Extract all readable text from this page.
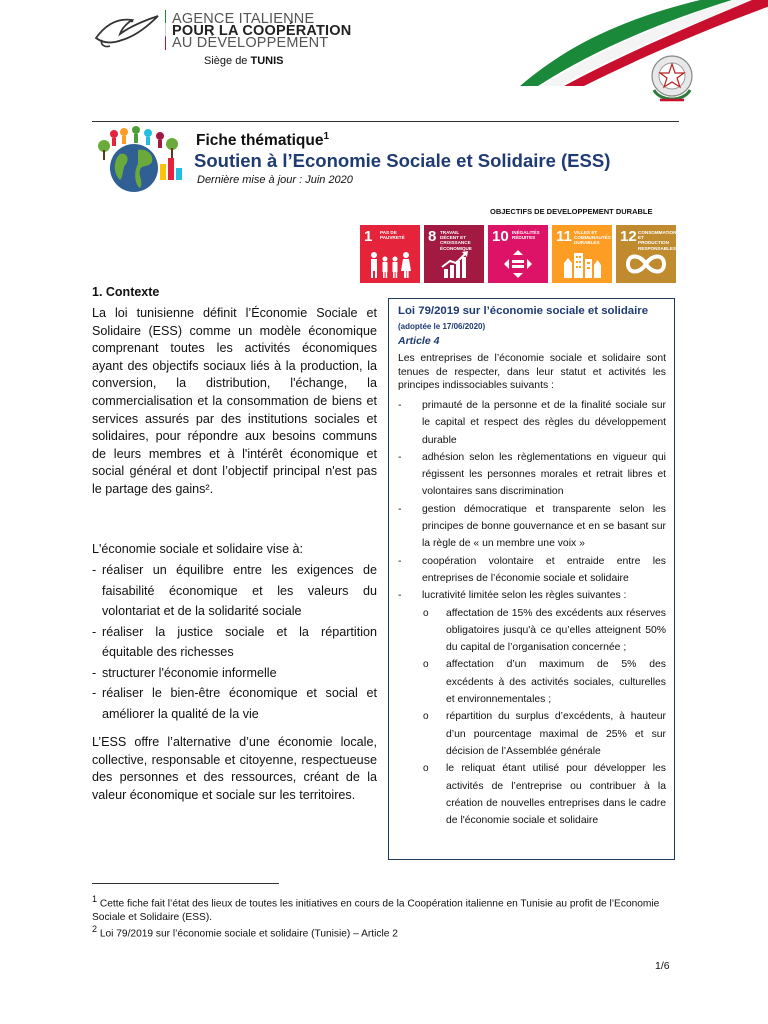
AGENCE ITALIENNE
POUR LA COOPÉRATION
AU DÉVELOPPEMENT
Siège de TUNIS
Fiche thématique$^1$
Soutien à l’Economie Sociale et Solidaire (ESS)
Dernière mise à jour : Juin 2020
OBJECTIFS DE DEVELOPPEMENT DURABLE
1 PAS DE PAUVRETÉ	8 TRAVAIL DÉCENT ET CROISSANCE ÉCONOMIQUE
10 INÉGALITÉS RÉDUITES	11 VILLES ET COMMUNAUTÉS DURABLES	12 CONSOMMATION ET PRODUCTION RESPONSABLES
1. Contexte

La loi tunisienne définit l’Économie Sociale et Solidaire (ESS) comme un modèle économique comprenant toutes les activités économiques ayant des objectifs sociaux liés à la production, la conversion, la distribution, l'échange, la commercialisation et la consommation de biens et services assurés par des institutions sociales et solidaires, pour répondre aux besoins communs de leurs membres et à l'intérêt économique et social général et dont l’objectif principal n'est pas le partage des gains².

L'économie sociale et solidaire vise à:
- réaliser un équilibre entre les exigences de faisabilité économique et les valeurs du volontariat et de la solidarité sociale
- réaliser la justice sociale et la répartition équitable des richesses
- structurer l'économie informelle
- réaliser le bien-être économique et social et améliorer la qualité de la vie

L’ESS offre l’alternative d’une économie locale, collective, responsable et citoyenne, respectueuse des personnes et des ressources, créant de la valeur économique et sociale sur les territoires.

Loi 79/2019 sur l’économie sociale et solidaire
(adoptée le 17/06/2020)
Article 4

Les entreprises de l’économie sociale et solidaire sont tenues de respecter, dans leur statut et activités les principes indissociables suivants :

- primauté de la personne et de la finalité sociale sur le capital et respect des règles du développement durable
- adhésion selon les règlementations en vigueur qui régissent les personnes morales et retrait libres et volontaires sans discrimination
- gestion démocratique et transparente selon les principes de bonne gouvernance et en se basant sur la règle de « un membre une voix »
- coopération volontaire et entraide entre les entreprises de l’économie sociale et solidaire
- lucrativité limitée selon les règles suivantes :
o affectation de 15% des excédents aux réserves obligatoires jusqu'à ce qu’elles atteignent 50% du capital de l’organisation concernée ;
o affectation d’un maximum de 5% des excédents à des activités sociales, culturelles et environnementales ;
o répartition du surplus d’excédents, à hauteur d’un pourcentage maximal de 25% et sur décision de l’Assemblée générale
o le reliquat étant utilisé pour développer les activités de l’entreprise ou contribuer à la création de nouvelles entreprises dans le cadre de l'économie sociale et solidaire

$^1$ Cette fiche fait l’état des lieux de toutes les initiatives en cours de la Coopération italienne en Tunisie au profit de l’Economie Sociale et Solidaire (ESS).

$^2$ Loi 79/2019 sur l’économie sociale et solidaire (Tunisie) – Article 2

1/6
